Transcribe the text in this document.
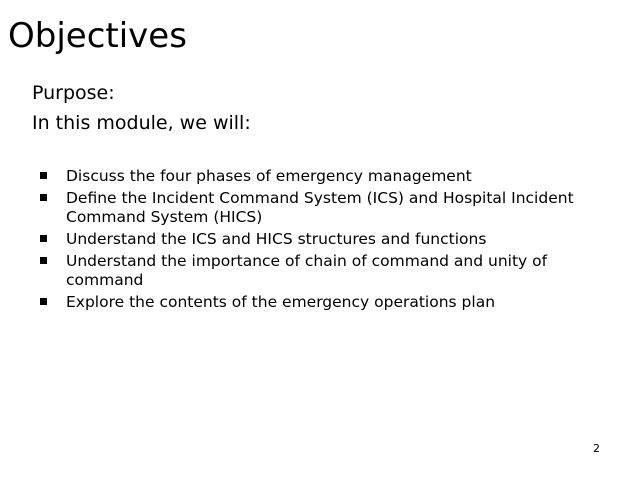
Objectives
Purpose:
In this module, we will:
Discuss the four phases of emergency management
Define the Incident Command System (ICS) and Hospital Incident Command System (HICS)
Understand the ICS and HICS structures and functions
Understand the importance of chain of command and unity of command
Explore the contents of the emergency operations plan
2
